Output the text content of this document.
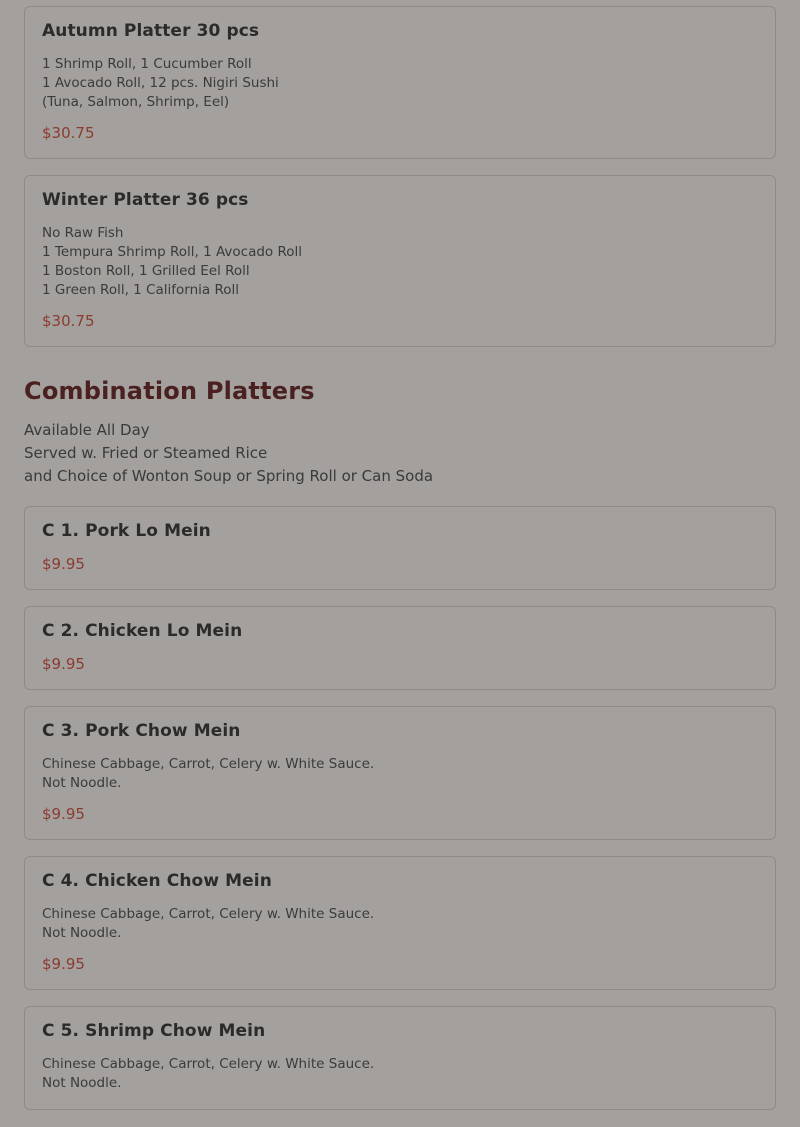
Autumn Platter 30 pcs
1 Shrimp Roll, 1 Cucumber Roll
1 Avocado Roll, 12 pcs. Nigiri Sushi
(Tuna, Salmon, Shrimp, Eel)
$30.75
Winter Platter 36 pcs
No Raw Fish
1 Tempura Shrimp Roll, 1 Avocado Roll
1 Boston Roll, 1 Grilled Eel Roll
1 Green Roll, 1 California Roll
$30.75
Combination Platters
Available All Day
Served w. Fried or Steamed Rice
and Choice of Wonton Soup or Spring Roll or Can Soda
C 1. Pork Lo Mein
$9.95
C 2. Chicken Lo Mein
$9.95
C 3. Pork Chow Mein
Chinese Cabbage, Carrot, Celery w. White Sauce.
Not Noodle.
$9.95
C 4. Chicken Chow Mein
Chinese Cabbage, Carrot, Celery w. White Sauce.
Not Noodle.
$9.95
C 5. Shrimp Chow Mein
Chinese Cabbage, Carrot, Celery w. White Sauce.
Not Noodle.
